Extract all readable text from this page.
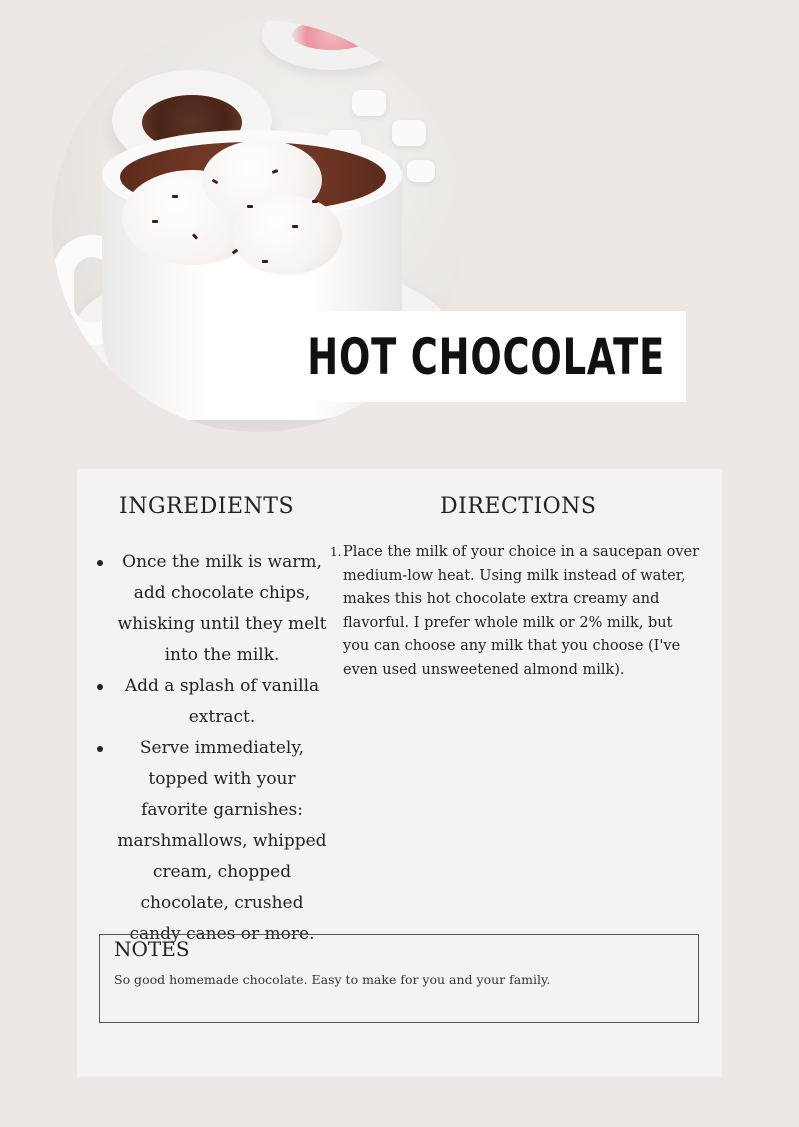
HOT CHOCOLATE
INGREDIENTS	DIRECTIONS
Once the milk is warm, add chocolate chips, whisking until they melt into the milk.
Add a splash of vanilla extract.
Serve immediately, topped with your favorite garnishes: marshmallows, whipped cream, chopped chocolate, crushed candy canes or more.
1. Place the milk of your choice in a saucepan over medium-low heat. Using milk instead of water, makes this hot chocolate extra creamy and flavorful. I prefer whole milk or 2% milk, but you can choose any milk that you choose (I've even used unsweetened almond milk).
NOTES
So good homemade chocolate. Easy to make for you and your family.
